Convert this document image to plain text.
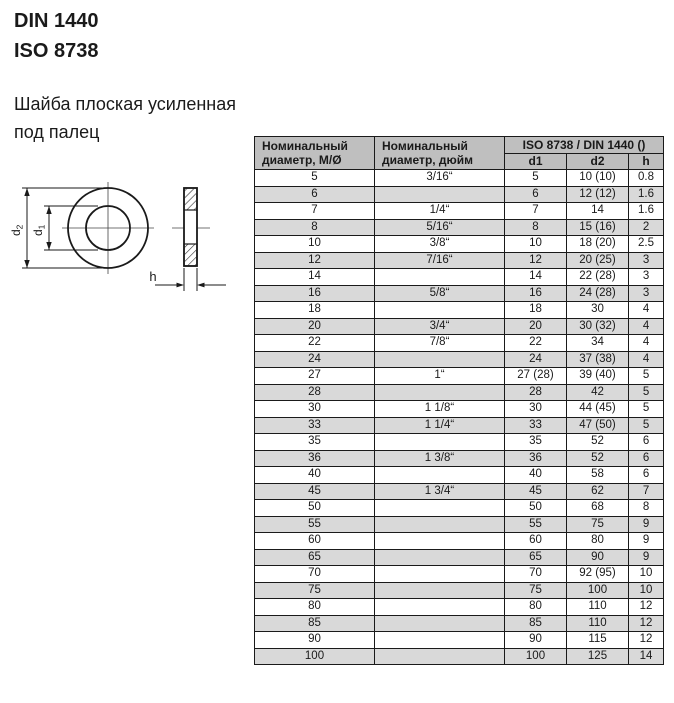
DIN 1440
ISO 8738
Шайба плоская усиленная
под палец
$d_2$
$d_1$
h
Номинальный диаметр, M/Ø	Номинальный диаметр, дюйм	ISO 8738 / DIN 1440 ()		
		d1	d2	h
5	3/16“	5	10 (10)	0.8
6		6	12 (12)	1.6
7	1/4“	7	14	1.6
8	5/16“	8	15 (16)	2
10	3/8“	10	18 (20)	2.5
12	7/16“	12	20 (25)	3
14		14	22 (28)	3
16	5/8“	16	24 (28)	3
18		18	30	4
20	3/4“	20	30 (32)	4
22	7/8“	22	34	4
24		24	37 (38)	4
27	1“	27 (28)	39 (40)	5
28		28	42	5
30	1 1/8“	30	44 (45)	5
33	1 1/4“	33	47 (50)	5
35		35	52	6
36	1 3/8“	36	52	6
40		40	58	6
45	1 3/4“	45	62	7
50		50	68	8
55		55	75	9
60		60	80	9
65		65	90	9
70		70	92 (95)	10
75		75	100	10
80		80	110	12
85		85	110	12
90		90	115	12
100		100	125	14
